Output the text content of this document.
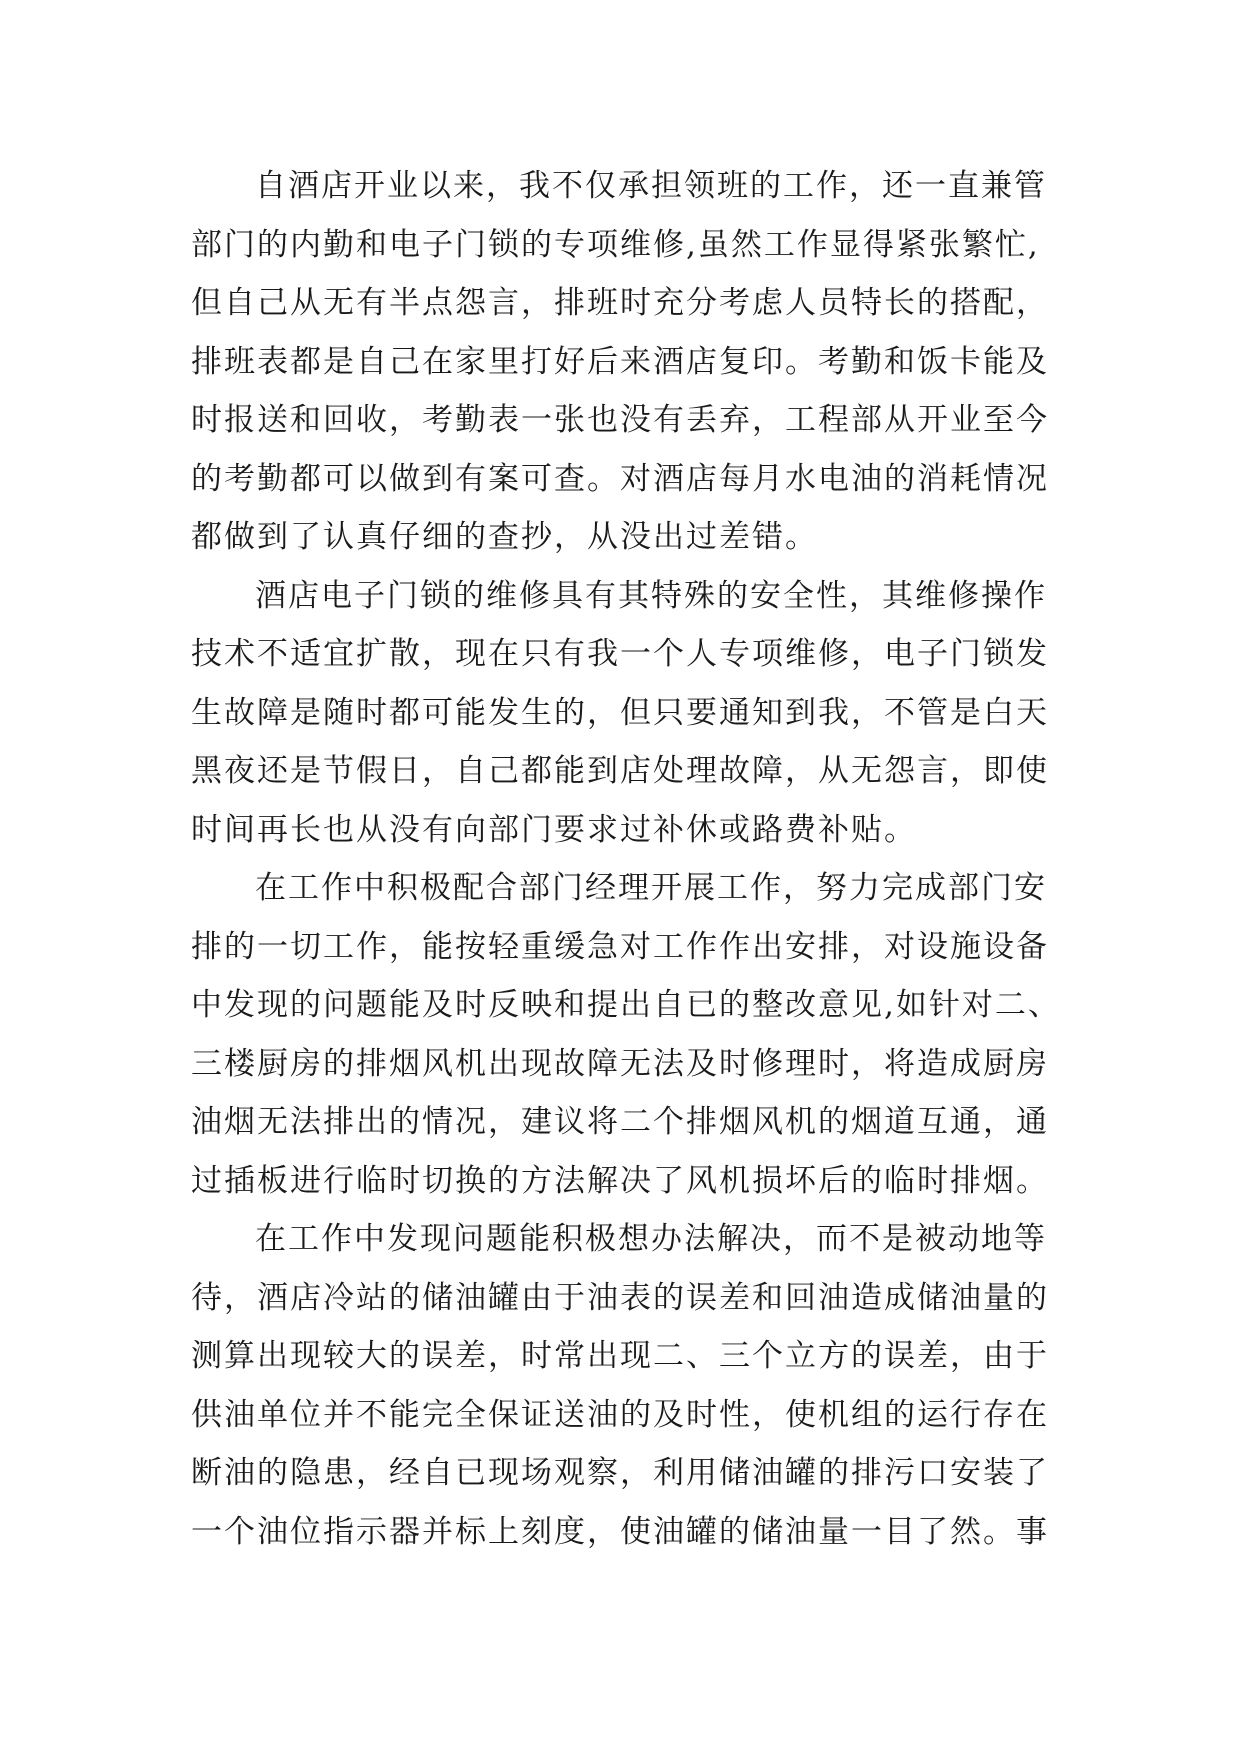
自酒店开业以来，我不仅承担领班的工作，还一直兼管
部门的内勤和电子门锁的专项维修,虽然工作显得紧张繁忙,
但自己从无有半点怨言，排班时充分考虑人员特长的搭配，
排班表都是自己在家里打好后来酒店复印。考勤和饭卡能及
时报送和回收，考勤表一张也没有丢弃，工程部从开业至今
的考勤都可以做到有案可查。对酒店每月水电油的消耗情况
都做到了认真仔细的查抄，从没出过差错。
酒店电子门锁的维修具有其特殊的安全性，其维修操作
技术不适宜扩散，现在只有我一个人专项维修，电子门锁发
生故障是随时都可能发生的，但只要通知到我，不管是白天
黑夜还是节假日，自己都能到店处理故障，从无怨言，即使
时间再长也从没有向部门要求过补休或路费补贴。
在工作中积极配合部门经理开展工作，努力完成部门安
排的一切工作，能按轻重缓急对工作作出安排，对设施设备
中发现的问题能及时反映和提出自已的整改意见,如针对二、
三楼厨房的排烟风机出现故障无法及时修理时，将造成厨房
油烟无法排出的情况，建议将二个排烟风机的烟道互通，通
过插板进行临时切换的方法解决了风机损坏后的临时排烟。
在工作中发现问题能积极想办法解决，而不是被动地等
待，酒店冷站的储油罐由于油表的误差和回油造成储油量的
测算出现较大的误差，时常出现二、三个立方的误差，由于
供油单位并不能完全保证送油的及时性，使机组的运行存在
断油的隐患，经自已现场观察，利用储油罐的排污口安装了
一个油位指示器并标上刻度，使油罐的储油量一目了然。事
